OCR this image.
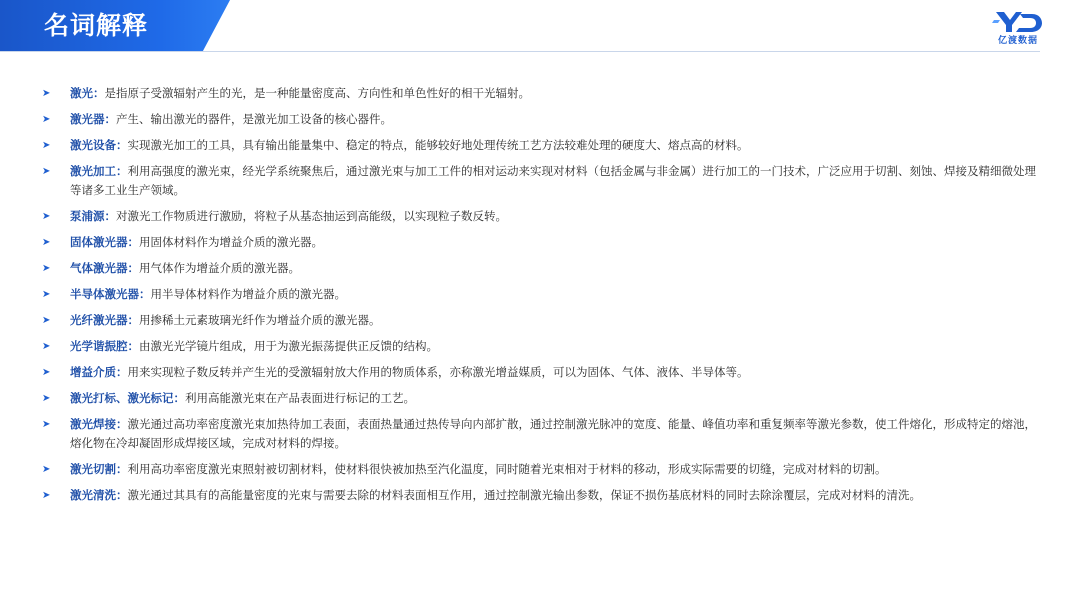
名词解释
亿渡数据
➤ 激光：是指原子受激辐射产生的光，是一种能量密度高、方向性和单色性好的相干光辐射。
➤ 激光器：产生、输出激光的器件，是激光加工设备的核心器件。
➤ 激光设备：实现激光加工的工具，具有输出能量集中、稳定的特点，能够较好地处理传统工艺方法较难处理的硬度大、熔点高的材料。
➤ 激光加工：利用高强度的激光束，经光学系统聚焦后，通过激光束与加工工件的相对运动来实现对材料（包括金属与非金属）进行加工的一门技术，广泛应用于切割、刻蚀、焊接及精细微处理等诸多工业生产领域。
➤ 泵浦源：对激光工作物质进行激励，将粒子从基态抽运到高能级，以实现粒子数反转。
➤ 固体激光器：用固体材料作为增益介质的激光器。
➤ 气体激光器：用气体作为增益介质的激光器。
➤ 半导体激光器：用半导体材料作为增益介质的激光器。
➤ 光纤激光器：用掺稀土元素玻璃光纤作为增益介质的激光器。
➤ 光学谐振腔：由激光光学镜片组成，用于为激光振荡提供正反馈的结构。
➤ 增益介质：用来实现粒子数反转并产生光的受激辐射放大作用的物质体系，亦称激光增益媒质，可以为固体、气体、液体、半导体等。
➤ 激光打标、激光标记：利用高能激光束在产品表面进行标记的工艺。
➤ 激光焊接：激光通过高功率密度激光束加热待加工表面，表面热量通过热传导向内部扩散，通过控制激光脉冲的宽度、能量、峰值功率和重复频率等激光参数，使工件熔化，形成特定的熔池，熔化物在冷却凝固形成焊接区域，完成对材料的焊接。
➤ 激光切割：利用高功率密度激光束照射被切割材料，使材料很快被加热至汽化温度，同时随着光束相对于材料的移动，形成实际需要的切缝，完成对材料的切割。
➤ 激光清洗：激光通过其具有的高能量密度的光束与需要去除的材料表面相互作用，通过控制激光输出参数，保证不损伤基底材料的同时去除涂覆层，完成对材料的清洗。
